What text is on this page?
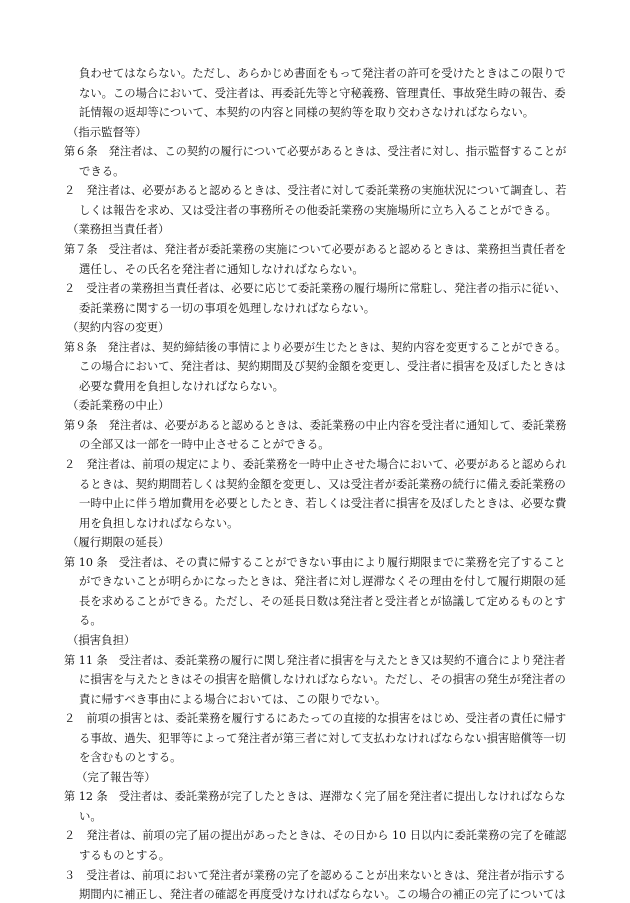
負わせてはならない。ただし、あらかじめ書面をもって発注者の許可を受けたときはこの限りで
ない。この場合において、受注者は、再委託先等と守秘義務、管理責任、事故発生時の報告、委
託情報の返却等について、本契約の内容と同様の契約等を取り交わさなければならない。
（指示監督等）
第６条　発注者は、この契約の履行について必要があるときは、受注者に対し、指示監督することが
できる。
２　発注者は、必要があると認めるときは、受注者に対して委託業務の実施状況について調査し、若
しくは報告を求め、又は受注者の事務所その他委託業務の実施場所に立ち入ることができる。
（業務担当責任者）
第７条　受注者は、発注者が委託業務の実施について必要があると認めるときは、業務担当責任者を
選任し、その氏名を発注者に通知しなければならない。
２　受注者の業務担当責任者は、必要に応じて委託業務の履行場所に常駐し、発注者の指示に従い、
委託業務に関する一切の事項を処理しなければならない。
（契約内容の変更）
第８条　発注者は、契約締結後の事情により必要が生じたときは、契約内容を変更することができる。
この場合において、発注者は、契約期間及び契約金額を変更し、受注者に損害を及ぼしたときは
必要な費用を負担しなければならない。
（委託業務の中止）
第９条　発注者は、必要があると認めるときは、委託業務の中止内容を受注者に通知して、委託業務
の全部又は一部を一時中止させることができる。
２　発注者は、前項の規定により、委託業務を一時中止させた場合において、必要があると認められ
るときは、契約期間若しくは契約金額を変更し、又は受注者が委託業務の続行に備え委託業務の
一時中止に伴う増加費用を必要としたとき、若しくは受注者に損害を及ぼしたときは、必要な費
用を負担しなければならない。
（履行期限の延長）
第 10 条　受注者は、その責に帰することができない事由により履行期限までに業務を完了すること
ができないことが明らかになったときは、発注者に対し遅滞なくその理由を付して履行期限の延
長を求めることができる。ただし、その延長日数は発注者と受注者とが協議して定めるものとす
る。
（損害負担）
第 11 条　受注者は、委託業務の履行に関し発注者に損害を与えたとき又は契約不適合により発注者
に損害を与えたときはその損害を賠償しなければならない。ただし、その損害の発生が発注者の
責に帰すべき事由による場合においては、この限りでない。
２　前項の損害とは、委託業務を履行するにあたっての直接的な損害をはじめ、受注者の責任に帰す
る事故、過失、犯罪等によって発注者が第三者に対して支払わなければならない損害賠償等一切
を含むものとする。
（完了報告等）
第 12 条　受注者は、委託業務が完了したときは、遅滞なく完了届を発注者に提出しなければならな
い。
２　発注者は、前項の完了届の提出があったときは、その日から 10 日以内に委託業務の完了を確認
するものとする。
３　受注者は、前項において発注者が業務の完了を認めることが出来ないときは、発注者が指示する
期間内に補正し、発注者の確認を再度受けなければならない。この場合の補正の完了については
